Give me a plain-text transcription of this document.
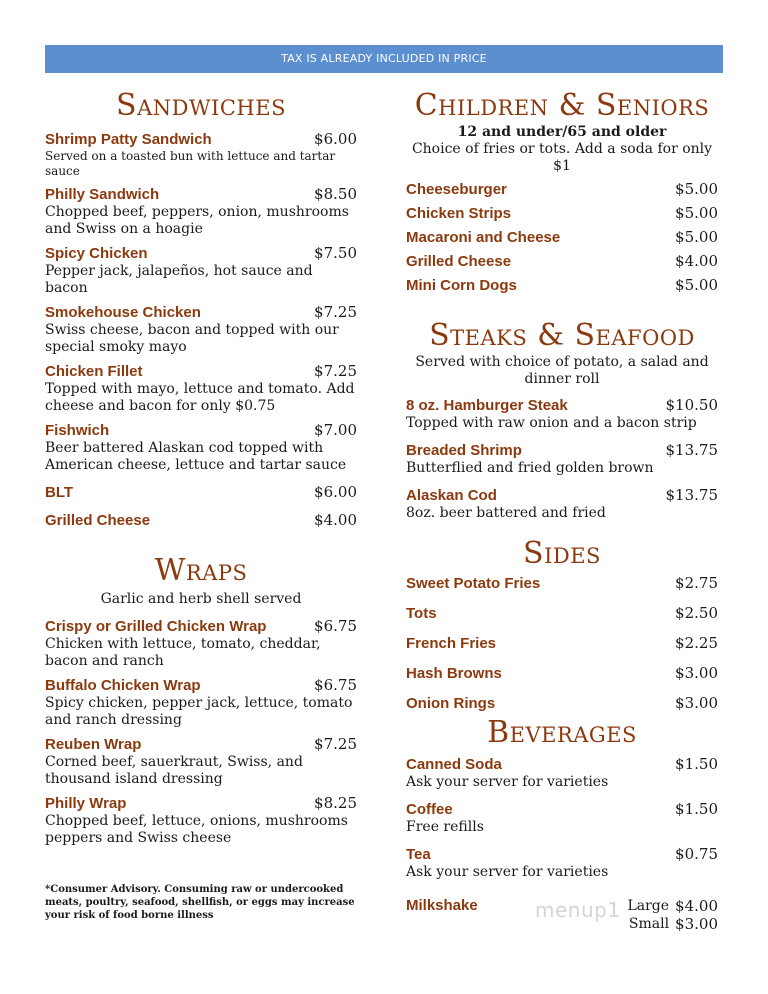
TAX IS ALREADY INCLUDED IN PRICE
Sandwiches
Shrimp Patty Sandwich	$6.00
Served on a toasted bun with lettuce and tartar sauce
Philly Sandwich	$8.50
Chopped beef, peppers, onion, mushrooms and Swiss on a hoagie
Spicy Chicken	$7.50
Pepper jack, jalapeños, hot sauce and bacon
Smokehouse Chicken	$7.25
Swiss cheese, bacon and topped with our special smoky mayo
Chicken Fillet	$7.25
Topped with mayo, lettuce and tomato. Add cheese and bacon for only $0.75
Fishwich	$7.00
Beer battered Alaskan cod topped with American cheese, lettuce and tartar sauce
BLT	$6.00
Grilled Cheese	$4.00
Wraps
Garlic and herb shell served
Crispy or Grilled Chicken Wrap	$6.75
Chicken with lettuce, tomato, cheddar, bacon and ranch
Buffalo Chicken Wrap	$6.75
Spicy chicken, pepper jack, lettuce, tomato and ranch dressing
Reuben Wrap	$7.25
Corned beef, sauerkraut, Swiss, and thousand island dressing
Philly Wrap	$8.25
Chopped beef, lettuce, onions, mushrooms peppers and Swiss cheese
*Consumer Advisory. Consuming raw or undercooked meats, poultry, seafood, shellfish, or eggs may increase your risk of food borne illness
Children & Seniors
12 and under/65 and older
Choice of fries or tots. Add a soda for only $1
Cheeseburger	$5.00
Chicken Strips	$5.00
Macaroni and Cheese	$5.00
Grilled Cheese	$4.00
Mini Corn Dogs	$5.00
Steaks & Seafood
Served with choice of potato, a salad and dinner roll
8 oz. Hamburger Steak	$10.50
Topped with raw onion and a bacon strip
Breaded Shrimp	$13.75
Butterflied and fried golden brown
Alaskan Cod	$13.75
8oz. beer battered and fried
Sides
Sweet Potato Fries	$2.75
Tots	$2.50
French Fries	$2.25
Hash Browns	$3.00
Onion Rings	$3.00
Beverages
Canned Soda	$1.50
Ask your server for varieties
Coffee	$1.50
Free refills
Tea	$0.75
Ask your server for varieties
Milkshake	Large $4.00
Small $3.00
menup1
